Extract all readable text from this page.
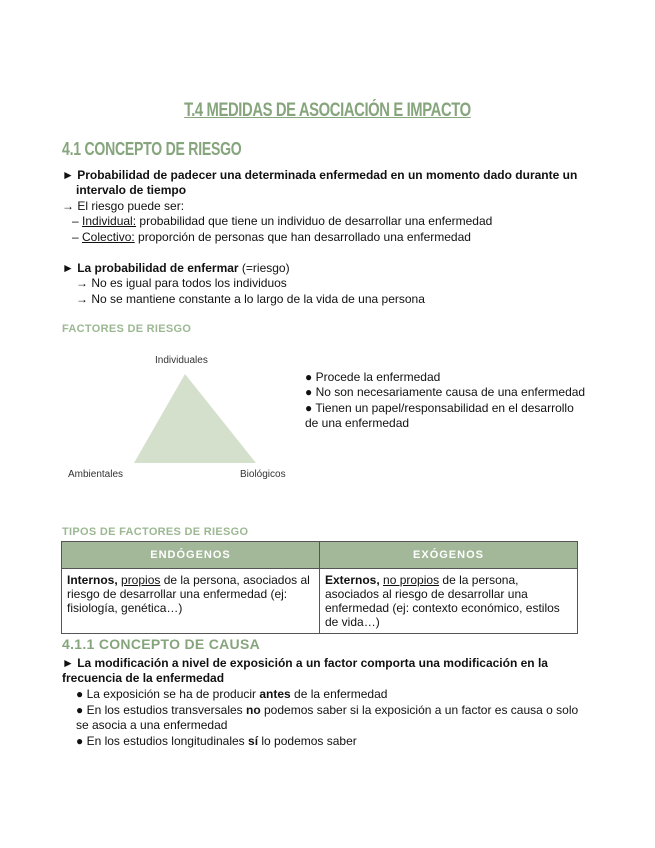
T.4 MEDIDAS DE ASOCIACIÓN E IMPACTO
4.1 CONCEPTO DE RIESGO
► Probabilidad de padecer una determinada enfermedad en un momento dado durante un
intervalo de tiempo
→ El riesgo puede ser:
– Individual: probabilidad que tiene un individuo de desarrollar una enfermedad
– Colectivo: proporción de personas que han desarrollado una enfermedad
► La probabilidad de enfermar (=riesgo)
→ No es igual para todos los individuos
→ No se mantiene constante a lo largo de la vida de una persona
FACTORES DE RIESGO
Individuales
Ambientales	Biológicos
● Procede la enfermedad
● No son necesariamente causa de una enfermedad
● Tienen un papel/responsabilidad en el desarrollo
de una enfermedad
TIPOS DE FACTORES DE RIESGO
ENDÓGENOS	EXÓGENOS
Internos, propios de la persona, asociados al riesgo de desarrollar una enfermedad (ej: fisiología, genética…)	Externos, no propios de la persona, asociados al riesgo de desarrollar una enfermedad (ej: contexto económico, estilos de vida…)
4.1.1 CONCEPTO DE CAUSA
► La modificación a nivel de exposición a un factor comporta una modificación en la
frecuencia de la enfermedad
● La exposición se ha de producir antes de la enfermedad
● En los estudios transversales no podemos saber si la exposición a un factor es causa o solo
se asocia a una enfermedad
● En los estudios longitudinales sí lo podemos saber
